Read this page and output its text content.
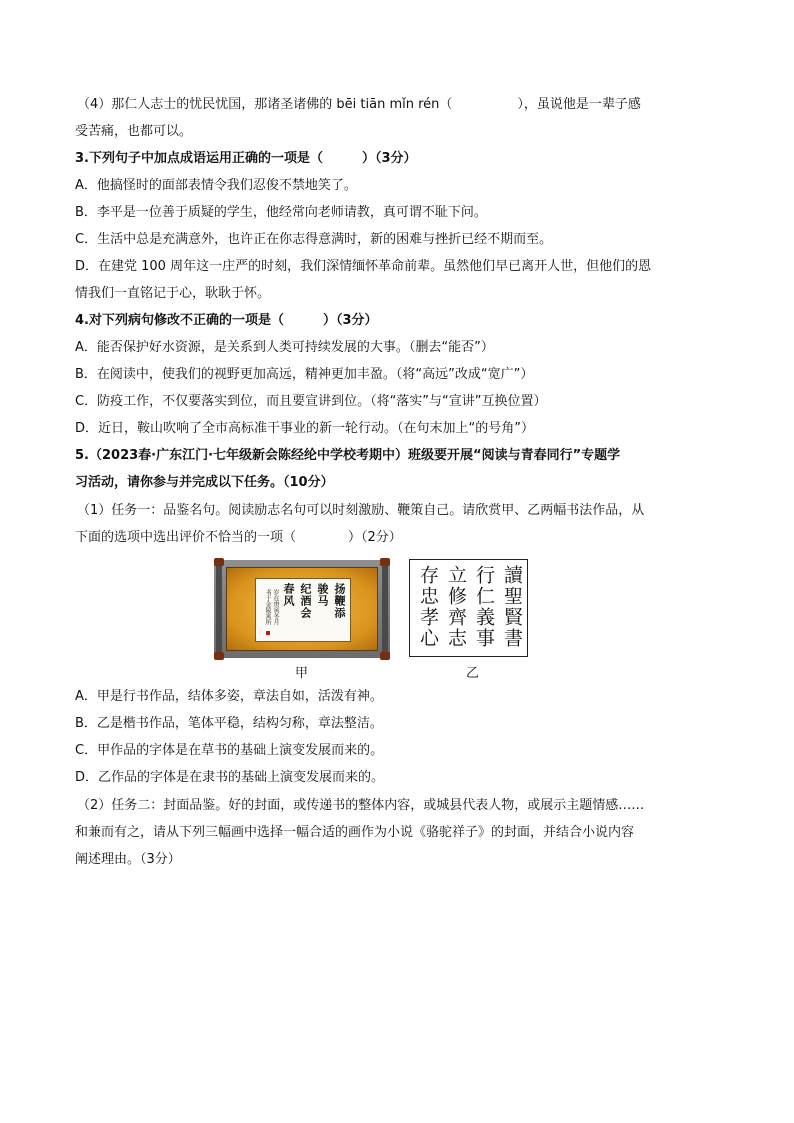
（4）那仁人志士的忧民忧国，那诸圣诸佛的 bēi tiān mǐn rén（　　　　　），虽说他是一辈子感
受苦痛，也都可以。
3.下列句子中加点成语运用正确的一项是（　　　）（3分）
A．他搞怪时的面部表情令我们忍俊不禁地笑了。
B．李平是一位善于质疑的学生，他经常向老师请教，真可谓不耻下问。
C．生活中总是充满意外，也许正在你志得意满时，新的困难与挫折已经不期而至。
D．在建党 100 周年这一庄严的时刻，我们深情缅怀革命前辈。虽然他们早已离开人世，但他们的恩
情我们一直铭记于心，耿耿于怀。
4.对下列病句修改不正确的一项是（　　　）（3分）
A．能否保护好水资源，是关系到人类可持续发展的大事。（删去“能否”）
B．在阅读中，使我们的视野更加高远，精神更加丰盈。（将“高远”改成“宽广”）
C．防疫工作，不仅要落实到位，而且要宣讲到位。（将“落实”与“宣讲”互换位置）
D．近日，鞍山吹响了全市高标准干事业的新一轮行动。（在句末加上“的号角”）
5.（2023春·广东江门·七年级新会陈经纶中学校考期中）班级要开展“阅读与青春同行”专题学
习活动，请你参与并完成以下任务。（10分）
（1）任务一：品鉴名句。阅读励志名句可以时刻激励、鞭策自己。请欣赏甲、乙两幅书法作品，从
下面的选项中选出评价不恰当的一项（　　　　）（2分）
扬鞭添
骏马
纪酒会
春风
岁在庚寅冬月
书于金陵寓所
甲
讀聖賢書
行仁義事
立修齊志
存忠孝心
乙
A．甲是行书作品，结体多姿，章法自如，活泼有神。
B．乙是楷书作品，笔体平稳，结构匀称，章法整洁。
C．甲作品的字体是在草书的基础上演变发展而来的。
D．乙作品的字体是在隶书的基础上演变发展而来的。
（2）任务二：封面品鉴。好的封面，或传递书的整体内容，或城县代表人物，或展示主题情感……
和兼而有之，请从下列三幅画中选择一幅合适的画作为小说《骆驼祥子》的封面，并结合小说内容
阐述理由。（3分）
